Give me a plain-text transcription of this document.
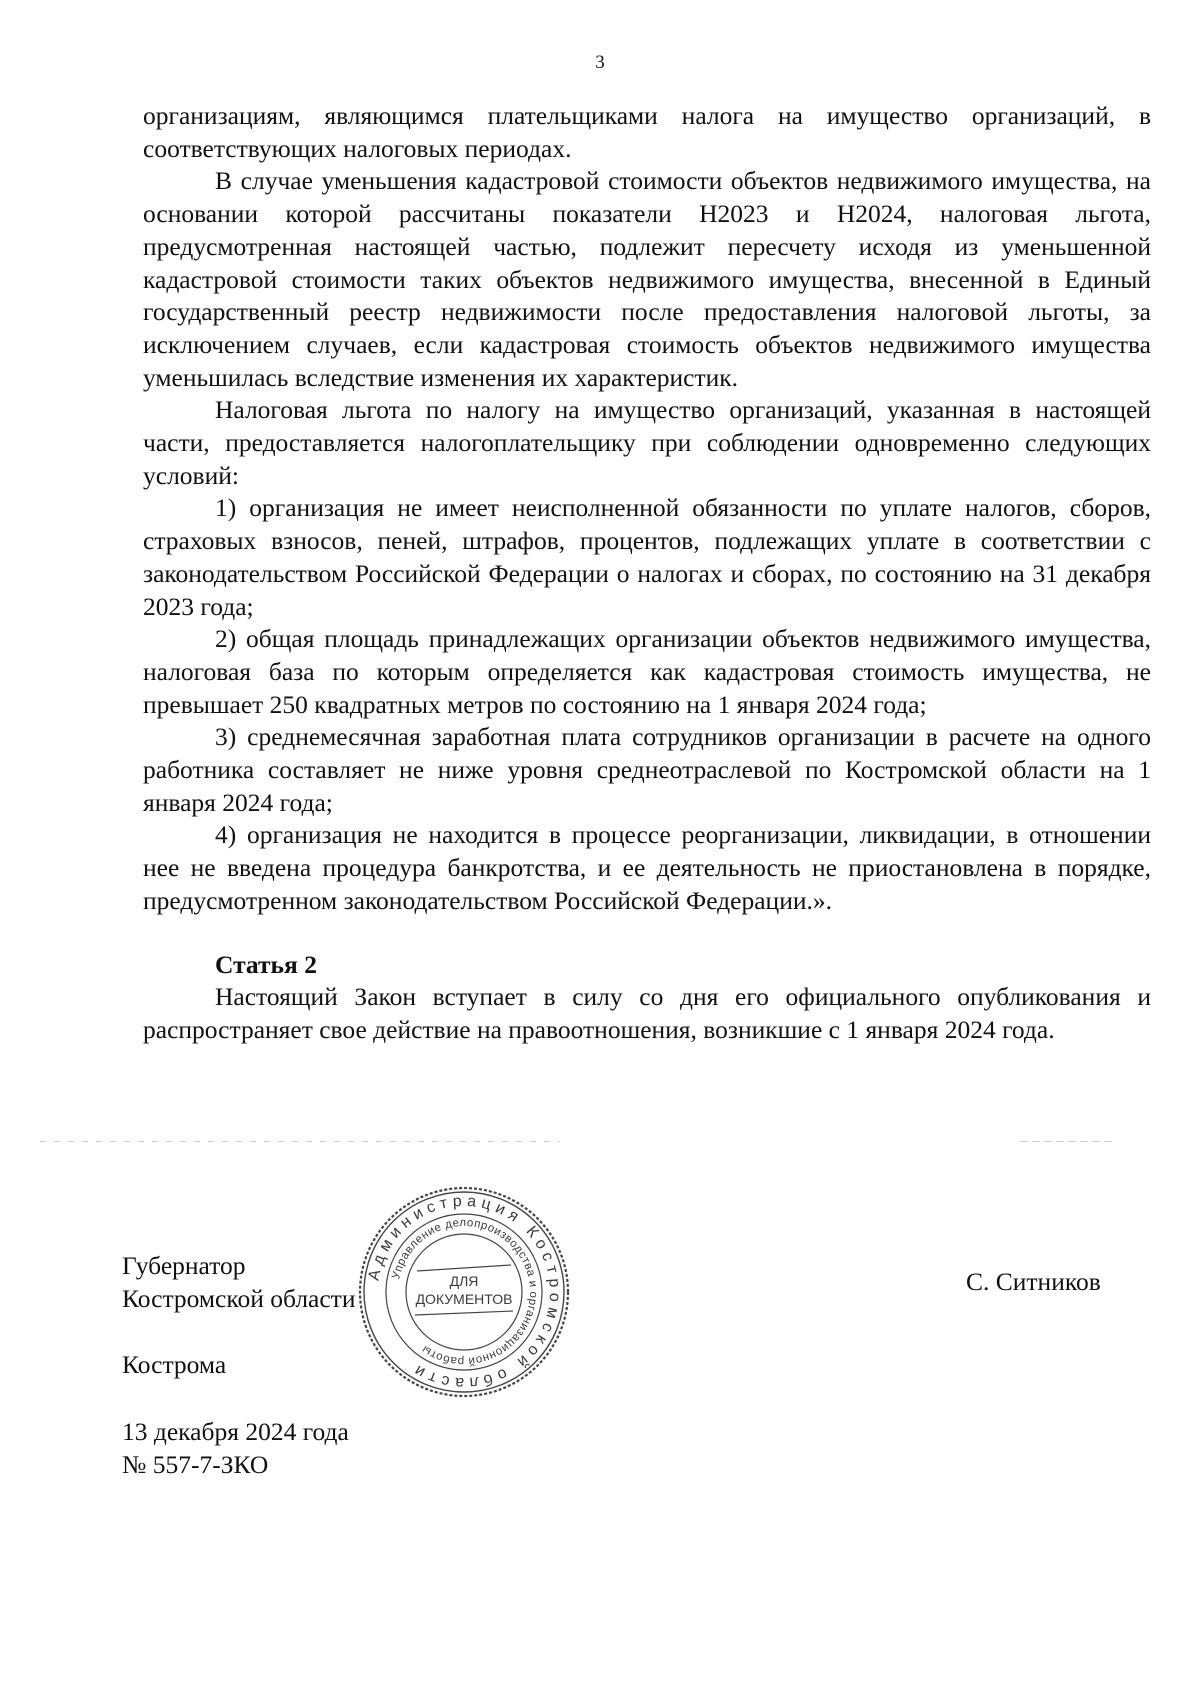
3

организациям, являющимся плательщиками налога на имущество организаций, в соответствующих налоговых периодах.

В случае уменьшения кадастровой стоимости объектов недвижимого имущества, на основании которой рассчитаны показатели Н2023 и Н2024, налоговая льгота, предусмотренная настоящей частью, подлежит пересчету исходя из уменьшенной кадастровой стоимости таких объектов недвижимого имущества, внесенной в Единый государственный реестр недвижимости после предоставления налоговой льготы, за исключением случаев, если кадастровая стоимость объектов недвижимого имущества уменьшилась вследствие изменения их характеристик.

Налоговая льгота по налогу на имущество организаций, указанная в настоящей части, предоставляется налогоплательщику при соблюдении одновременно следующих условий:

1) организация не имеет неисполненной обязанности по уплате налогов, сборов, страховых взносов, пеней, штрафов, процентов, подлежащих уплате в соответствии с законодательством Российской Федерации о налогах и сборах, по состоянию на 31 декабря 2023 года;

2) общая площадь принадлежащих организации объектов недвижимого имущества, налоговая база по которым определяется как кадастровая стоимость имущества, не превышает 250 квадратных метров по состоянию на 1 января 2024 года;

3) среднемесячная заработная плата сотрудников организации в расчете на одного работника составляет не ниже уровня среднеотраслевой по Костромской области на 1 января 2024 года;

4) организация не находится в процессе реорганизации, ликвидации, в отношении нее не введена процедура банкротства, и ее деятельность не приостановлена в порядке, предусмотренном законодательством Российской Федерации.».

Статья 2

Настоящий Закон вступает в силу со дня его официального опубликования и распространяет свое действие на правоотношения, возникшие с 1 января 2024 года.

Губернатор
Костромской области
С. Ситников
Кострома
13 декабря 2024 года
№ 557-7-ЗКО
Администрация Костромской области
Управление делопроизводства и организационной работы
ДЛЯ
ДОКУМЕНТОВ
